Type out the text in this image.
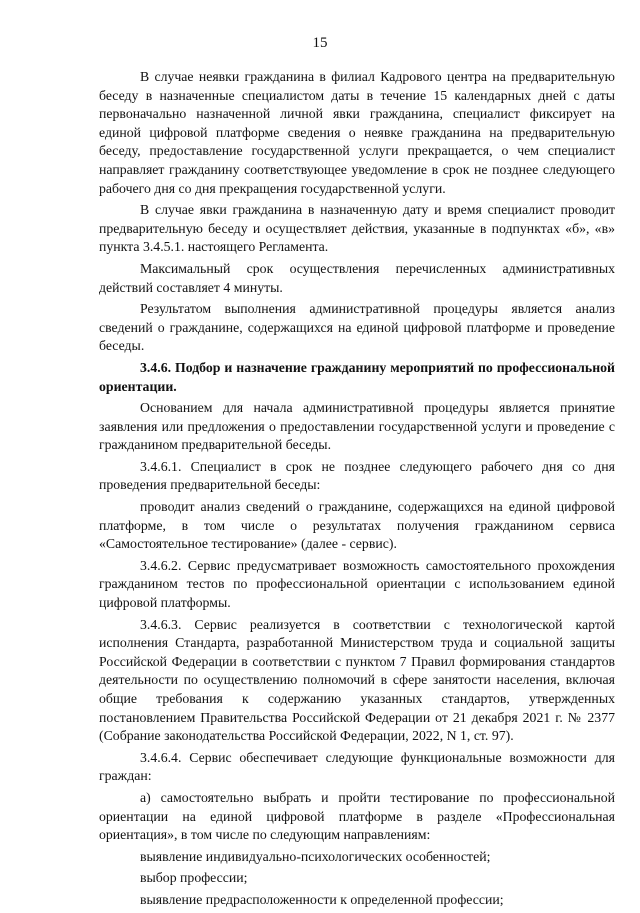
15

В случае неявки гражданина в филиал Кадрового центра на предварительную беседу в назначенные специалистом даты в течение 15 календарных дней с даты первоначально назначенной личной явки гражданина, специалист фиксирует на единой цифровой платформе сведения о неявке гражданина на предварительную беседу, предоставление государственной услуги прекращается, о чем специалист направляет гражданину соответствующее уведомление в срок не позднее следующего рабочего дня со дня прекращения государственной услуги.

В случае явки гражданина в назначенную дату и время специалист проводит предварительную беседу и осуществляет действия, указанные в подпунктах «б», «в» пункта 3.4.5.1. настоящего Регламента.

Максимальный срок осуществления перечисленных административных действий составляет 4 минуты.

Результатом выполнения административной процедуры является анализ сведений о гражданине, содержащихся на единой цифровой платформе и проведение беседы.

3.4.6. Подбор и назначение гражданину мероприятий по профессиональной ориентации.

Основанием для начала административной процедуры является принятие заявления или предложения о предоставлении государственной услуги и проведение с гражданином предварительной беседы.

3.4.6.1. Специалист в срок не позднее следующего рабочего дня со дня проведения предварительной беседы:

проводит анализ сведений о гражданине, содержащихся на единой цифровой платформе, в том числе о результатах получения гражданином сервиса «Самостоятельное тестирование» (далее - сервис).

3.4.6.2. Сервис предусматривает возможность самостоятельного прохождения гражданином тестов по профессиональной ориентации с использованием единой цифровой платформы.

3.4.6.3. Сервис реализуется в соответствии с технологической картой исполнения Стандарта, разработанной Министерством труда и социальной защиты Российской Федерации в соответствии с пунктом 7 Правил формирования стандартов деятельности по осуществлению полномочий в сфере занятости населения, включая общие требования к содержанию указанных стандартов, утвержденных постановлением Правительства Российской Федерации от 21 декабря 2021 г. № 2377 (Собрание законодательства Российской Федерации, 2022, N 1, ст. 97).

3.4.6.4. Сервис обеспечивает следующие функциональные возможности для граждан:

а) самостоятельно выбрать и пройти тестирование по профессиональной ориентации на единой цифровой платформе в разделе «Профессиональная ориентация», в том числе по следующим направлениям:

выявление индивидуально-психологических особенностей;

выбор профессии;

выявление предрасположенности к определенной профессии;
